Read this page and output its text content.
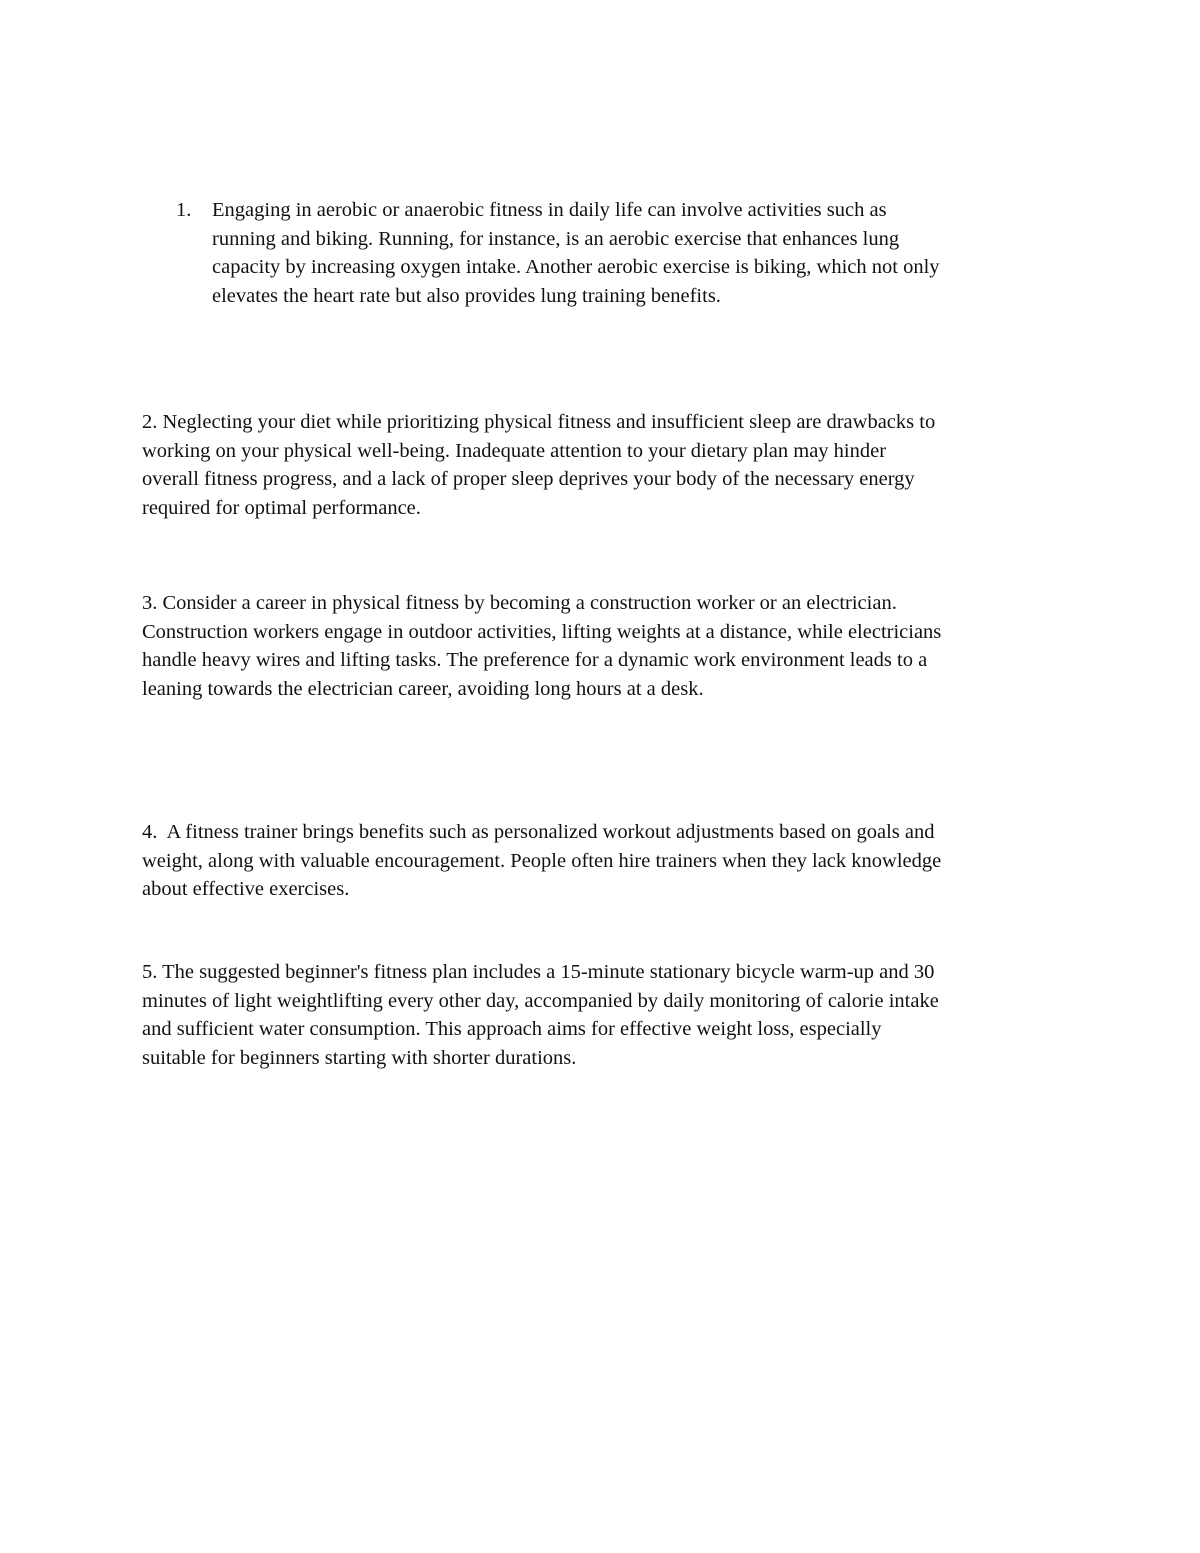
1. Engaging in aerobic or anaerobic fitness in daily life can involve activities such as
running and biking. Running, for instance, is an aerobic exercise that enhances lung
capacity by increasing oxygen intake. Another aerobic exercise is biking, which not only
elevates the heart rate but also provides lung training benefits.
2. Neglecting your diet while prioritizing physical fitness and insufficient sleep are drawbacks to
working on your physical well-being. Inadequate attention to your dietary plan may hinder
overall fitness progress, and a lack of proper sleep deprives your body of the necessary energy
required for optimal performance.
3. Consider a career in physical fitness by becoming a construction worker or an electrician.
Construction workers engage in outdoor activities, lifting weights at a distance, while electricians
handle heavy wires and lifting tasks. The preference for a dynamic work environment leads to a
leaning towards the electrician career, avoiding long hours at a desk.
4.  A fitness trainer brings benefits such as personalized workout adjustments based on goals and
weight, along with valuable encouragement. People often hire trainers when they lack knowledge
about effective exercises.
5. The suggested beginner's fitness plan includes a 15-minute stationary bicycle warm-up and 30
minutes of light weightlifting every other day, accompanied by daily monitoring of calorie intake
and sufficient water consumption. This approach aims for effective weight loss, especially
suitable for beginners starting with shorter durations.
